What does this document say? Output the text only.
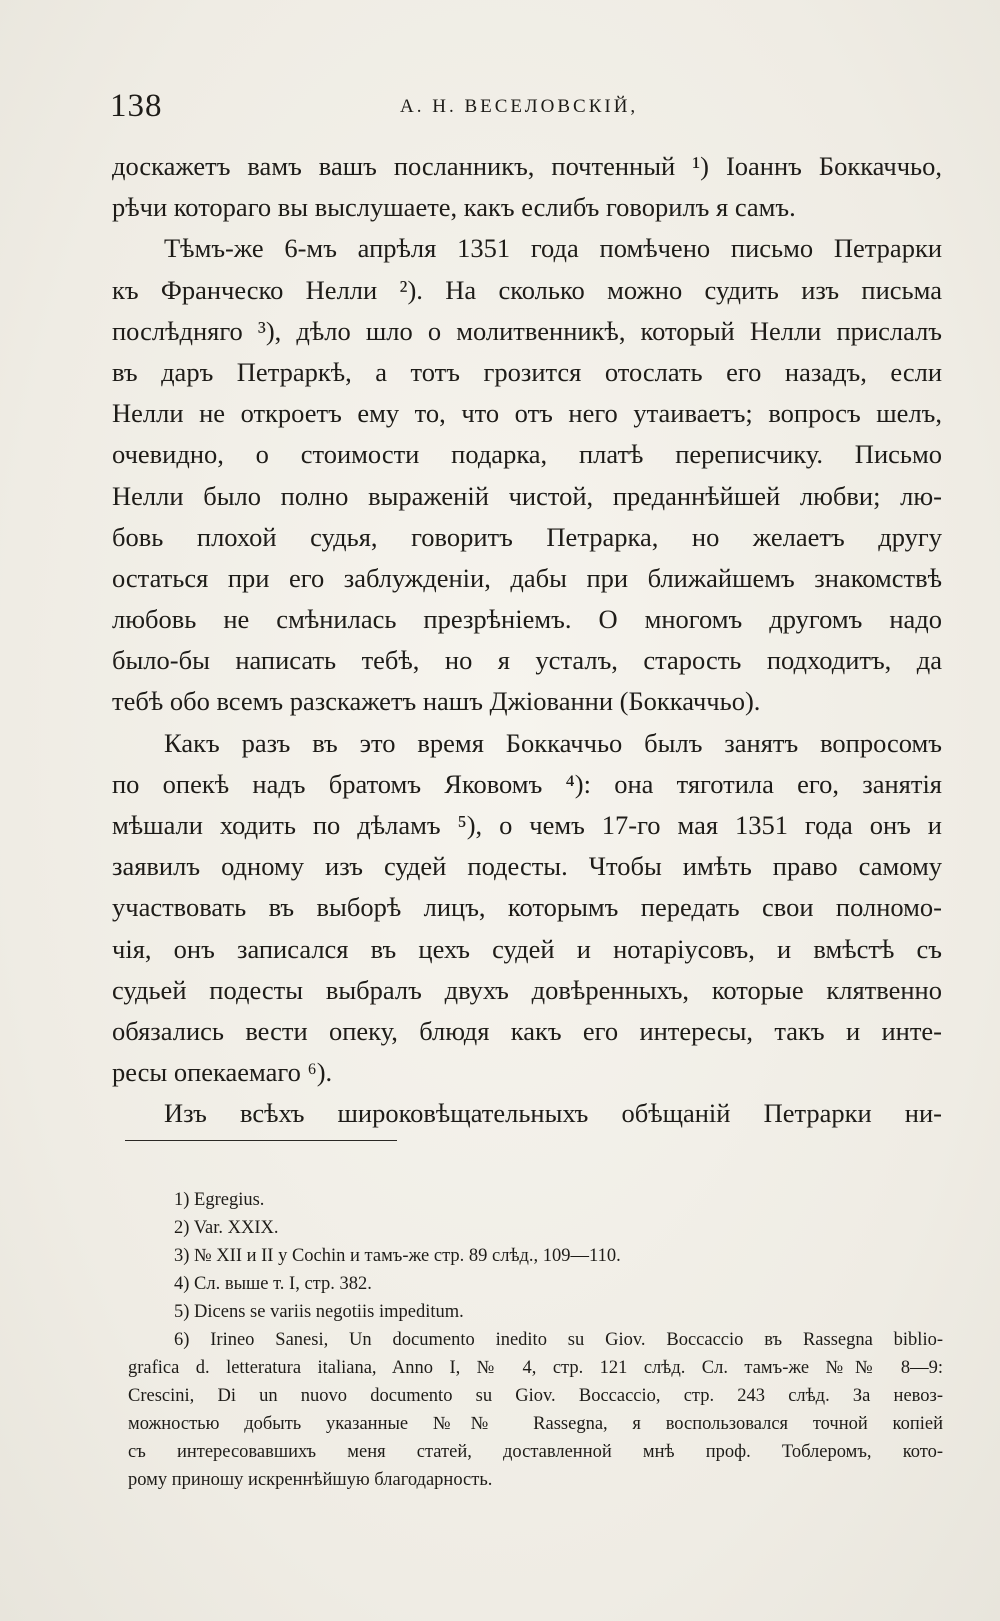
138	А. Н. ВЕСЕЛОВСКІЙ,
доскажетъ вамъ вашъ посланникъ, почтенный ¹) Іоаннъ Боккаччьо,
рѣчи котораго вы выслушаете, какъ еслибъ говорилъ я самъ.
Тѣмъ-же 6-мъ апрѣля 1351 года помѣчено письмо Петрарки
къ Франческо Нелли ²). На сколько можно судить изъ письма
послѣдняго ³), дѣло шло о молитвенникѣ, который Нелли прислалъ
въ даръ Петраркѣ, а тотъ грозится отослать его назадъ, если
Нелли не откроетъ ему то, что отъ него утаиваетъ; вопросъ шелъ,
очевидно, о стоимости подарка, платѣ переписчику. Письмо
Нелли было полно выраженій чистой, преданнѣйшей любви; лю-
бовь плохой судья, говоритъ Петрарка, но желаетъ другу
остаться при его заблужденіи, дабы при ближайшемъ знакомствѣ
любовь не смѣнилась презрѣніемъ. О многомъ другомъ надо
было-бы написать тебѣ, но я усталъ, старость подходитъ, да
тебѣ обо всемъ разскажетъ нашъ Джіованни (Боккаччьо).
Какъ разъ въ это время Боккаччьо былъ занятъ вопросомъ
по опекѣ надъ братомъ Яковомъ ⁴): она тяготила его, занятія
мѣшали ходить по дѣламъ ⁵), о чемъ 17-го мая 1351 года онъ и
заявилъ одному изъ судей подесты. Чтобы имѣть право самому
участвовать въ выборѣ лицъ, которымъ передать свои полномо-
чія, онъ записался въ цехъ судей и нотаріусовъ, и вмѣстѣ съ
судьей подесты выбралъ двухъ довѣренныхъ, которые клятвенно
обязались вести опеку, блюдя какъ его интересы, такъ и инте-
ресы опекаемаго ⁶).
Изъ всѣхъ широковѣщательныхъ обѣщаній Петрарки ни-
1) Egregius.
2) Var. XXIX.
3) № XII и II у Cochin и тамъ-же стр. 89 слѣд., 109—110.
4) Сл. выше т. I, стр. 382.
5) Dicens se variis negotiis impeditum.
6) Irineo Sanesi, Un documento inedito su Giov. Boccaccio въ Rassegna biblio-
grafica d. letteratura italiana, Anno I, № 4, стр. 121 слѣд. Сл. тамъ-же №№ 8—9:
Crescini, Di un nuovo documento su Giov. Boccaccio, стр. 243 слѣд. За невоз-
можностью добыть указанные №№ Rassegna, я воспользовался точной копіей
съ интересовавшихъ меня статей, доставленной мнѣ проф. Тоблеромъ, кото-
рому приношу искреннѣйшую благодарность.
